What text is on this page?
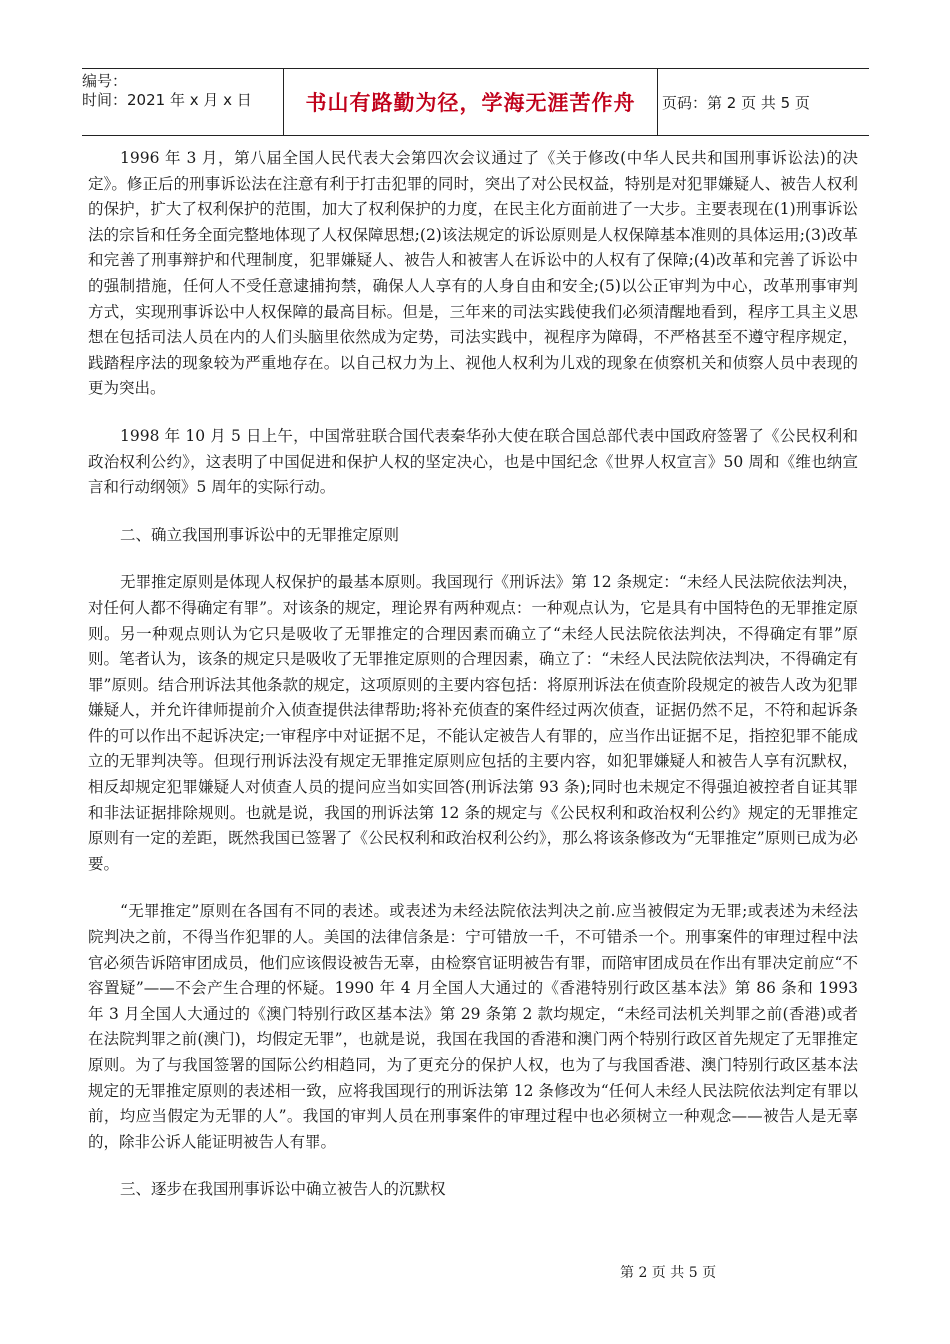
编号：
时间：2021 年 x 月 x 日	书山有路勤为径，学海无涯苦作舟	页码：第 2 页 共 5 页

1996 年 3 月，第八届全国人民代表大会第四次会议通过了《关于修改(中华人民共和国刑事诉讼法)的决定》。修正后的刑事诉讼法在注意有利于打击犯罪的同时，突出了对公民权益，特别是对犯罪嫌疑人、被告人权利的保护，扩大了权利保护的范围，加大了权利保护的力度，在民主化方面前进了一大步。主要表现在(1)刑事诉讼法的宗旨和任务全面完整地体现了人权保障思想;(2)该法规定的诉讼原则是人权保障基本准则的具体运用;(3)改革和完善了刑事辩护和代理制度，犯罪嫌疑人、被告人和被害人在诉讼中的人权有了保障;(4)改革和完善了诉讼中的强制措施，任何人不受任意逮捕拘禁，确保人人享有的人身自由和安全;(5)以公正审判为中心，改革刑事审判方式，实现刑事诉讼中人权保障的最高目标。但是，三年来的司法实践使我们必须清醒地看到，程序工具主义思想在包括司法人员在内的人们头脑里依然成为定势，司法实践中，视程序为障碍，不严格甚至不遵守程序规定，践踏程序法的现象较为严重地存在。以自己权力为上、视他人权利为儿戏的现象在侦察机关和侦察人员中表现的更为突出。

1998 年 10 月 5 日上午，中国常驻联合国代表秦华孙大使在联合国总部代表中国政府签署了《公民权利和政治权利公约》，这表明了中国促进和保护人权的坚定决心，也是中国纪念《世界人权宣言》50 周和《维也纳宣言和行动纲领》5 周年的实际行动。

二、确立我国刑事诉讼中的无罪推定原则

无罪推定原则是体现人权保护的最基本原则。我国现行《刑诉法》第 12 条规定：“未经人民法院依法判决，对任何人都不得确定有罪”。对该条的规定，理论界有两种观点：一种观点认为，它是具有中国特色的无罪推定原则。另一种观点则认为它只是吸收了无罪推定的合理因素而确立了“未经人民法院依法判决，不得确定有罪”原则。笔者认为，该条的规定只是吸收了无罪推定原则的合理因素，确立了：“未经人民法院依法判决，不得确定有罪”原则。结合刑诉法其他条款的规定，这项原则的主要内容包括：将原刑诉法在侦查阶段规定的被告人改为犯罪嫌疑人，并允许律师提前介入侦查提供法律帮助;将补充侦查的案件经过两次侦查，证据仍然不足，不符和起诉条件的可以作出不起诉决定;一审程序中对证据不足，不能认定被告人有罪的，应当作出证据不足，指控犯罪不能成立的无罪判决等。但现行刑诉法没有规定无罪推定原则应包括的主要内容，如犯罪嫌疑人和被告人享有沉默权，相反却规定犯罪嫌疑人对侦查人员的提问应当如实回答(刑诉法第 93 条);同时也未规定不得强迫被控者自证其罪和非法证据排除规则。也就是说，我国的刑诉法第 12 条的规定与《公民权利和政治权利公约》规定的无罪推定原则有一定的差距，既然我国已签署了《公民权利和政治权利公约》，那么将该条修改为“无罪推定”原则已成为必要。

“无罪推定”原则在各国有不同的表述。或表述为未经法院依法判决之前.应当被假定为无罪;或表述为未经法院判决之前，不得当作犯罪的人。美国的法律信条是：宁可错放一千，不可错杀一个。刑事案件的审理过程中法官必须告诉陪审团成员，他们应该假设被告无辜，由检察官证明被告有罪，而陪审团成员在作出有罪决定前应“不容置疑”——不会产生合理的怀疑。1990 年 4 月全国人大通过的《香港特别行政区基本法》第 86 条和 1993 年 3 月全国人大通过的《澳门特别行政区基本法》第 29 条第 2 款均规定，“未经司法机关判罪之前(香港)或者在法院判罪之前(澳门)，均假定无罪”，也就是说，我国在我国的香港和澳门两个特别行政区首先规定了无罪推定原则。为了与我国签署的国际公约相趋同，为了更充分的保护人权，也为了与我国香港、澳门特别行政区基本法规定的无罪推定原则的表述相一致，应将我国现行的刑诉法第 12 条修改为“任何人未经人民法院依法判定有罪以前，均应当假定为无罪的人”。我国的审判人员在刑事案件的审理过程中也必须树立一种观念——被告人是无辜的，除非公诉人能证明被告人有罪。

三、逐步在我国刑事诉讼中确立被告人的沉默权

第 2 页 共 5 页
